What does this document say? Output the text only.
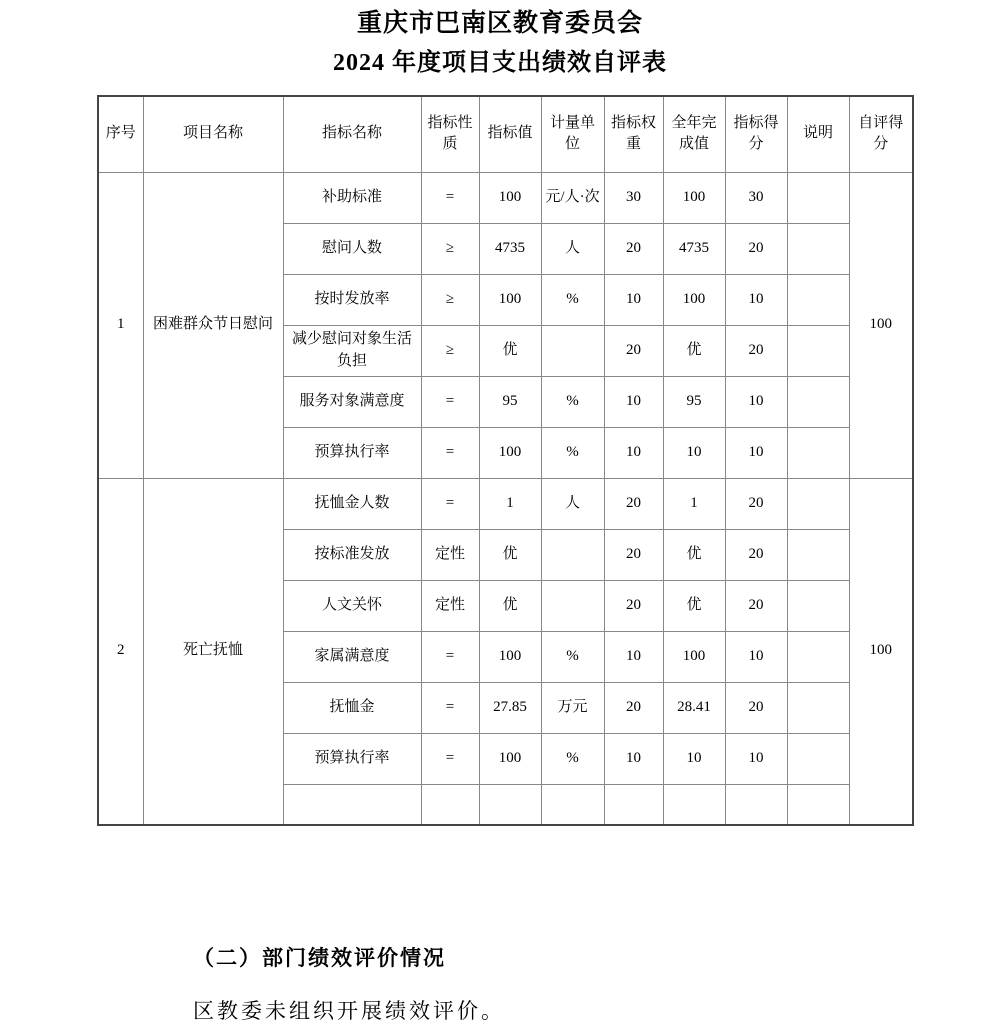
重庆市巴南区教育委员会
2024 年度项目支出绩效自评表
序号	项目名称	指标名称	指标性质	指标值	计量单位	指标权重	全年完成值	指标得分	说明	自评得分
1	困难群众节日慰问	补助标准	=	100	元/人·次	30	100	30		100
		慰问人数	≥	4735	人	20	4735	20		
		按时发放率	≥	100	%	10	100	10		
		减少慰问对象生活负担	≥	优		20	优	20		
		服务对象满意度	=	95	%	10	95	10		
		预算执行率	=	100	%	10	10	10		
2	死亡抚恤	抚恤金人数	=	1	人	20	1	20		100
		按标准发放	定性	优		20	优	20		
		人文关怀	定性	优		20	优	20		
		家属满意度	=	100	%	10	100	10		
		抚恤金	=	27.85	万元	20	28.41	20		
		预算执行率	=	100	%	10	10	10		

（二）部门绩效评价情况
区教委未组织开展绩效评价。
